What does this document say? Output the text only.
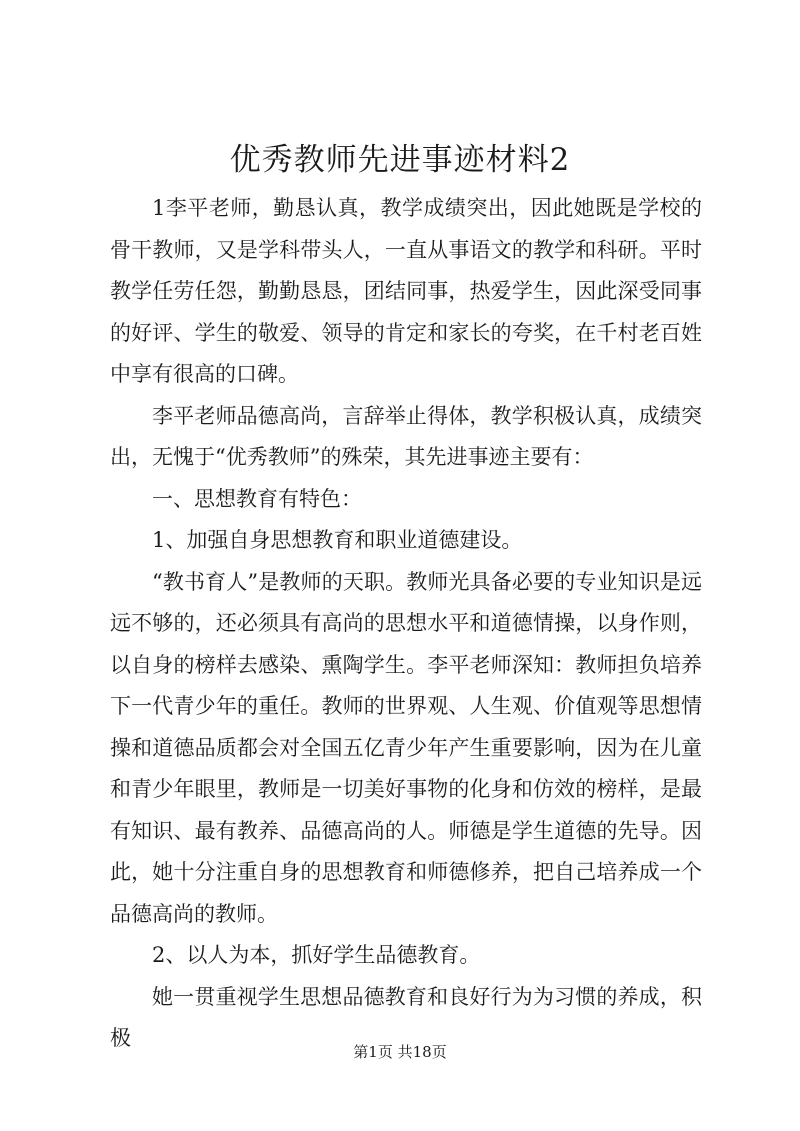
优秀教师先进事迹材料2

1李平老师，勤恳认真，教学成绩突出，因此她既是学校的骨干教师，又是学科带头人，一直从事语文的教学和科研。平时教学任劳任怨，勤勤恳恳，团结同事，热爱学生，因此深受同事的好评、学生的敬爱、领导的肯定和家长的夸奖，在千村老百姓中享有很高的口碑。

李平老师品德高尚，言辞举止得体，教学积极认真，成绩突出，无愧于“优秀教师”的殊荣，其先进事迹主要有：

一、思想教育有特色：

1、加强自身思想教育和职业道德建设。

“教书育人”是教师的天职。教师光具备必要的专业知识是远远不够的，还必须具有高尚的思想水平和道德情操，以身作则，以自身的榜样去感染、熏陶学生。李平老师深知：教师担负培养下一代青少年的重任。教师的世界观、人生观、价值观等思想情操和道德品质都会对全国五亿青少年产生重要影响，因为在儿童和青少年眼里，教师是一切美好事物的化身和仿效的榜样，是最有知识、最有教养、品德高尚的人。师德是学生道德的先导。因此，她十分注重自身的思想教育和师德修养，把自己培养成一个品德高尚的教师。

2、以人为本，抓好学生品德教育。

她一贯重视学生思想品德教育和良好行为为习惯的养成，积极

第1页 共18页
